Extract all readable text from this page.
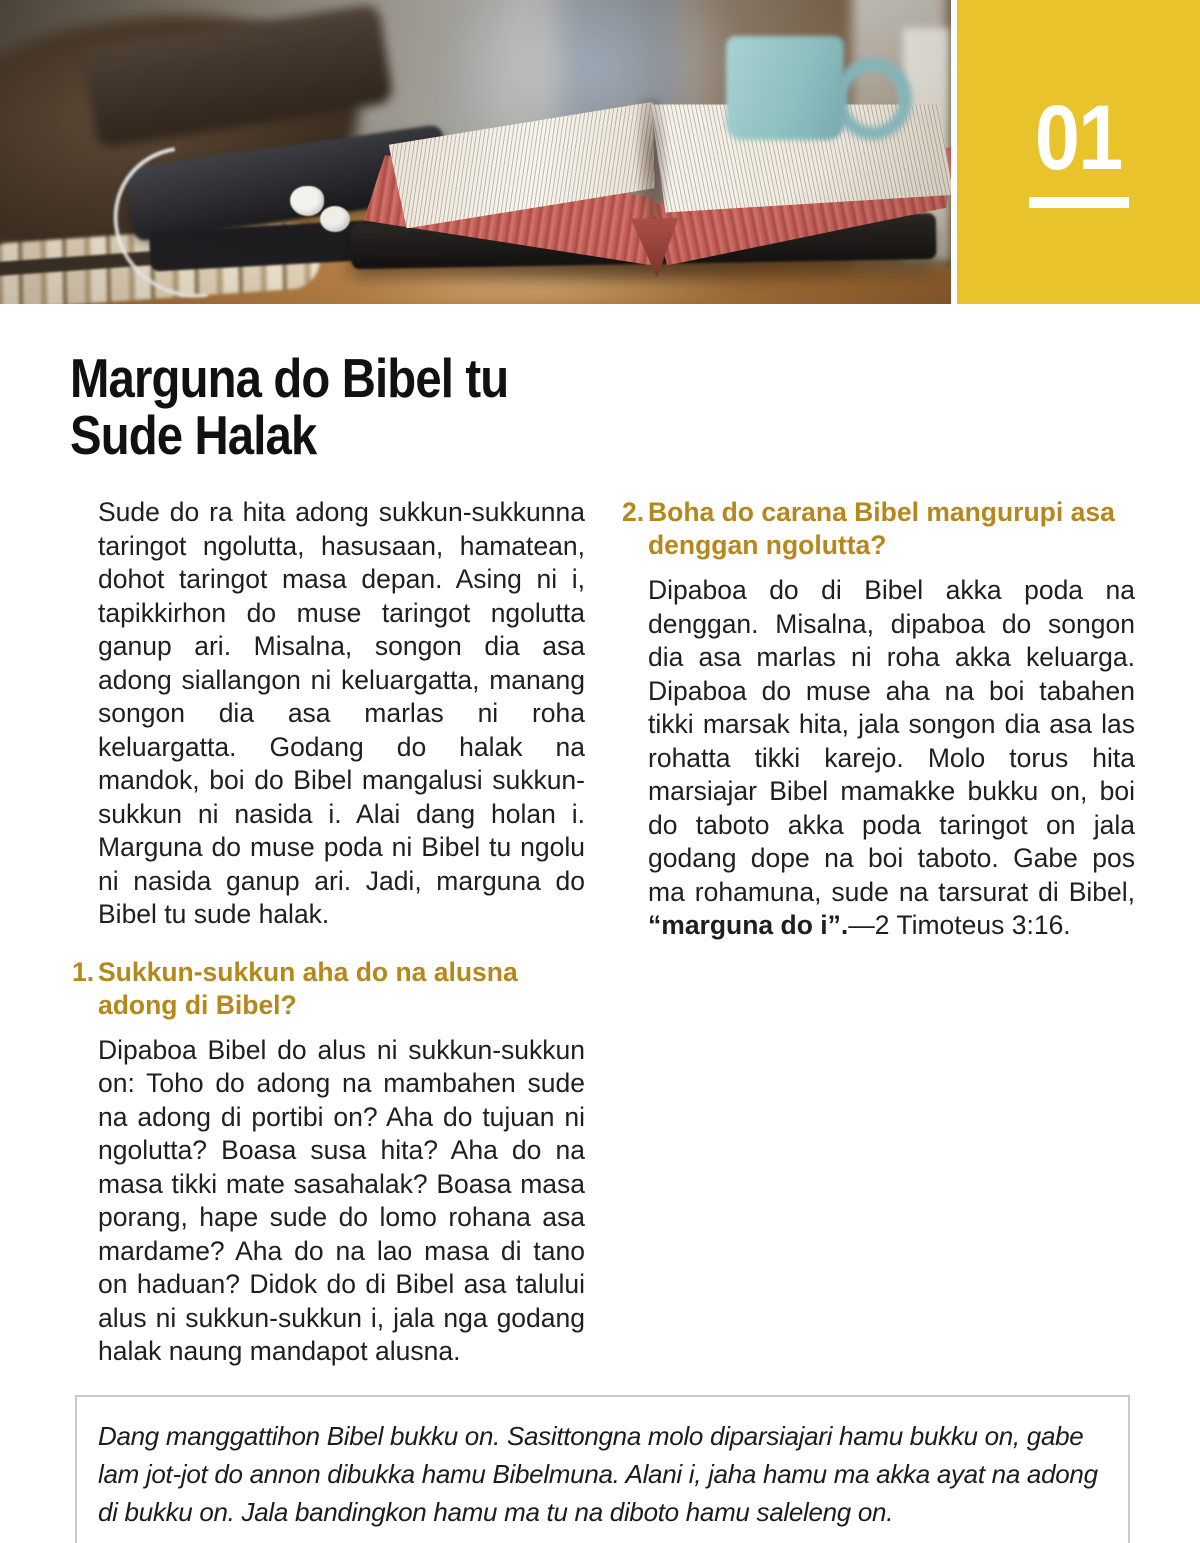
01
Marguna do Bibel tu Sude Halak

Sude do ra hita adong sukkun-sukkunna taringot ngolutta, hasusaan, hamatean, dohot taringot masa depan. Asing ni i, tapikkirhon do muse taringot ngolutta ganup ari. Misalna, songon dia asa adong siallangon ni keluargatta, manang songon dia asa marlas ni roha keluargatta. Godang do halak na mandok, boi do Bibel mangalusi sukkun-sukkun ni nasida i. Alai dang holan i. Marguna do muse poda ni Bibel tu ngolu ni nasida ganup ari. Jadi, marguna do Bibel tu sude halak.

1. Sukkun-sukkun aha do na alusna adong di Bibel?

Dipaboa Bibel do alus ni sukkun-sukkun on: Toho do adong na mambahen sude na adong di portibi on? Aha do tujuan ni ngolutta? Boasa susa hita? Aha do na masa tikki mate sasahalak? Boasa masa porang, hape sude do lomo rohana asa mardame? Aha do na lao masa di tano on haduan? Didok do di Bibel asa talului alus ni sukkun-sukkun i, jala nga godang halak naung mandapot alusna.

2. Boha do carana Bibel mangurupi asa denggan ngolutta?

Dipaboa do di Bibel akka poda na denggan. Misalna, dipaboa do songon dia asa marlas ni roha akka keluarga. Dipaboa do muse aha na boi tabahen tikki marsak hita, jala songon dia asa las rohatta tikki karejo. Molo torus hita marsiajar Bibel mamakke bukku on, boi do taboto akka poda taringot on jala godang dope na boi taboto. Gabe pos ma rohamuna, sude na tarsurat di Bibel, “marguna do i”.—2 Timoteus 3:16.

Dang manggattihon Bibel bukku on. Sasittongna molo diparsiajari hamu bukku on, gabe lam jot-jot do annon dibukka hamu Bibelmuna. Alani i, jaha hamu ma akka ayat na adong di bukku on. Jala bandingkon hamu ma tu na diboto hamu saleleng on.
